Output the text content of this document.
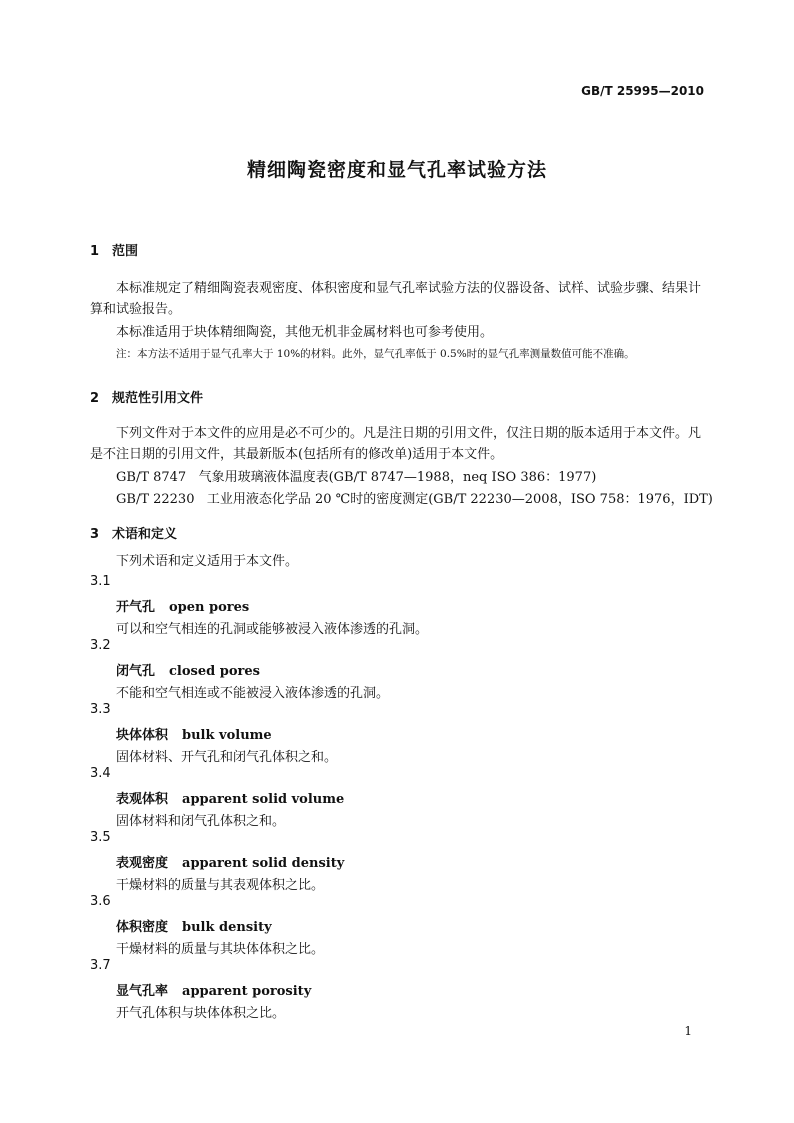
GB/T 25995—2010
精细陶瓷密度和显气孔率试验方法
1 范围
本标准规定了精细陶瓷表观密度、体积密度和显气孔率试验方法的仪器设备、试样、试验步骤、结果计算和试验报告。
本标准适用于块体精细陶瓷，其他无机非金属材料也可参考使用。
注：本方法不适用于显气孔率大于 10%的材料。此外，显气孔率低于 0.5%时的显气孔率测量数值可能不准确。
2 规范性引用文件
下列文件对于本文件的应用是必不可少的。凡是注日期的引用文件，仅注日期的版本适用于本文件。凡是不注日期的引用文件，其最新版本(包括所有的修改单)适用于本文件。
GB/T 8747   气象用玻璃液体温度表(GB/T 8747—1988，neq ISO 386：1977)
GB/T 22230   工业用液态化学品 20 ℃时的密度测定(GB/T 22230—2008，ISO 758：1976，IDT)
3 术语和定义
下列术语和定义适用于本文件。
3.1
开气孔 open pores
可以和空气相连的孔洞或能够被浸入液体渗透的孔洞。
3.2
闭气孔 closed pores
不能和空气相连或不能被浸入液体渗透的孔洞。
3.3
块体体积 bulk volume
固体材料、开气孔和闭气孔体积之和。
3.4
表观体积 apparent solid volume
固体材料和闭气孔体积之和。
3.5
表观密度 apparent solid density
干燥材料的质量与其表观体积之比。
3.6
体积密度 bulk density
干燥材料的质量与其块体体积之比。
3.7
显气孔率 apparent porosity
开气孔体积与块体体积之比。
1
